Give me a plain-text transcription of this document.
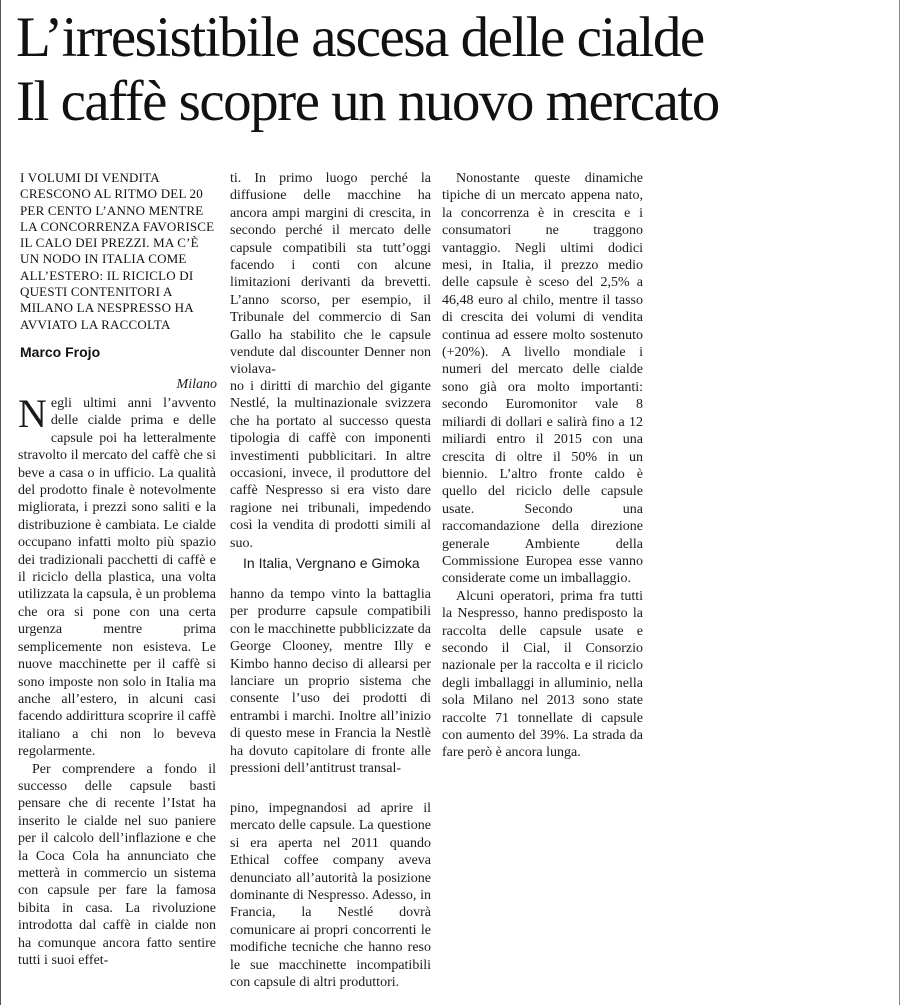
L’irresistibile ascesa delle cialde
Il caffè scopre un nuovo mercato
I VOLUMI DI VENDITA CRESCONO AL RITMO DEL 20 PER CENTO L’ANNO MENTRE LA CONCORRENZA FAVORISCE IL CALO DEI PREZZI. MA C’È UN NODO IN ITALIA COME ALL’ESTERO: IL RICICLO DI QUESTI CONTENITORI A MILANO LA NESPRESSO HA AVVIATO LA RACCOLTA
Marco Frojo
Milano

Negli ultimi anni l’avvento delle cialde prima e delle capsule poi ha letteralmente stravolto il mercato del caffè che si beve a casa o in ufficio. La qualità del prodotto finale è notevolmente migliorata, i prezzi sono saliti e la distribuzione è cambiata. Le cialde occupano infatti molto più spazio dei tradizionali pacchetti di caffè e il riciclo della plastica, una volta utilizzata la capsula, è un problema che ora si pone con una certa urgenza mentre prima semplicemente non esisteva. Le nuove macchinette per il caffè si sono imposte non solo in Italia ma anche all’estero, in alcuni casi facendo addirittura scoprire il caffè italiano a chi non lo beveva regolarmente.

Per comprendere a fondo il successo delle capsule basti pensare che di recente l’Istat ha inserito le cialde nel suo paniere per il calcolo dell’inflazione e che la Coca Cola ha annunciato che metterà in commercio un sistema con capsule per fare la famosa bibita in casa. La rivoluzione introdotta dal caffè in cialde non ha comunque ancora fatto sentire tutti i suoi effet-

ti. In primo luogo perché la diffusione delle macchine ha ancora ampi margini di crescita, in secondo perché il mercato delle capsule compatibili sta tutt’oggi facendo i conti con alcune limitazioni derivanti da brevetti. L’anno scorso, per esempio, il Tribunale del commercio di San Gallo ha stabilito che le capsule vendute dal discounter Denner non violava-

no i diritti di marchio del gigante Nestlé, la multinazionale svizzera che ha portato al successo questa tipologia di caffè con imponenti investimenti pubblicitari. In altre occasioni, invece, il produttore del caffè Nespresso si era visto dare ragione nei tribunali, impedendo così la vendita di prodotti simili al suo.

In Italia, Vergnano e Gimoka

hanno da tempo vinto la battaglia per produrre capsule compatibili con le macchinette pubblicizzate da George Clooney, mentre Illy e Kimbo hanno deciso di allearsi per lanciare un proprio sistema che consente l’uso dei prodotti di entrambi i marchi. Inoltre all’inizio di questo mese in Francia la Nestlè ha dovuto capitolare di fronte alle pressioni dell’antitrust transal-

pino, impegnandosi ad aprire il mercato delle capsule. La questione si era aperta nel 2011 quando Ethical coffee company aveva denunciato all’autorità la posizione dominante di Nespresso. Adesso, in Francia, la Nestlé dovrà comunicare ai propri concorrenti le modifiche tecniche che hanno reso le sue macchinette incompatibili con capsule di altri produttori.

Nonostante queste dinamiche tipiche di un mercato appena nato, la concorrenza è in crescita e i consumatori ne traggono vantaggio. Negli ultimi dodici mesi, in Italia, il prezzo medio delle capsule è sceso del 2,5% a 46,48 euro al chilo, mentre il tasso di crescita dei volumi di vendita continua ad essere molto sostenuto (+20%). A livello mondiale i numeri del mercato delle cialde sono già ora molto importanti: secondo Euromonitor vale 8 miliardi di dollari e salirà fino a 12 miliardi entro il 2015 con una crescita di oltre il 50% in un biennio. L’altro fronte caldo è quello del riciclo delle capsule usate. Secondo una raccomandazione della direzione generale Ambiente della Commissione Europea esse vanno considerate come un imballaggio.

Alcuni operatori, prima fra tutti la Nespresso, hanno predisposto la raccolta delle capsule usate e secondo il Cial, il Consorzio nazionale per la raccolta e il riciclo degli imballaggi in alluminio, nella sola Milano nel 2013 sono state raccolte 71 tonnellate di capsule con aumento del 39%. La strada da fare però è ancora lunga.
